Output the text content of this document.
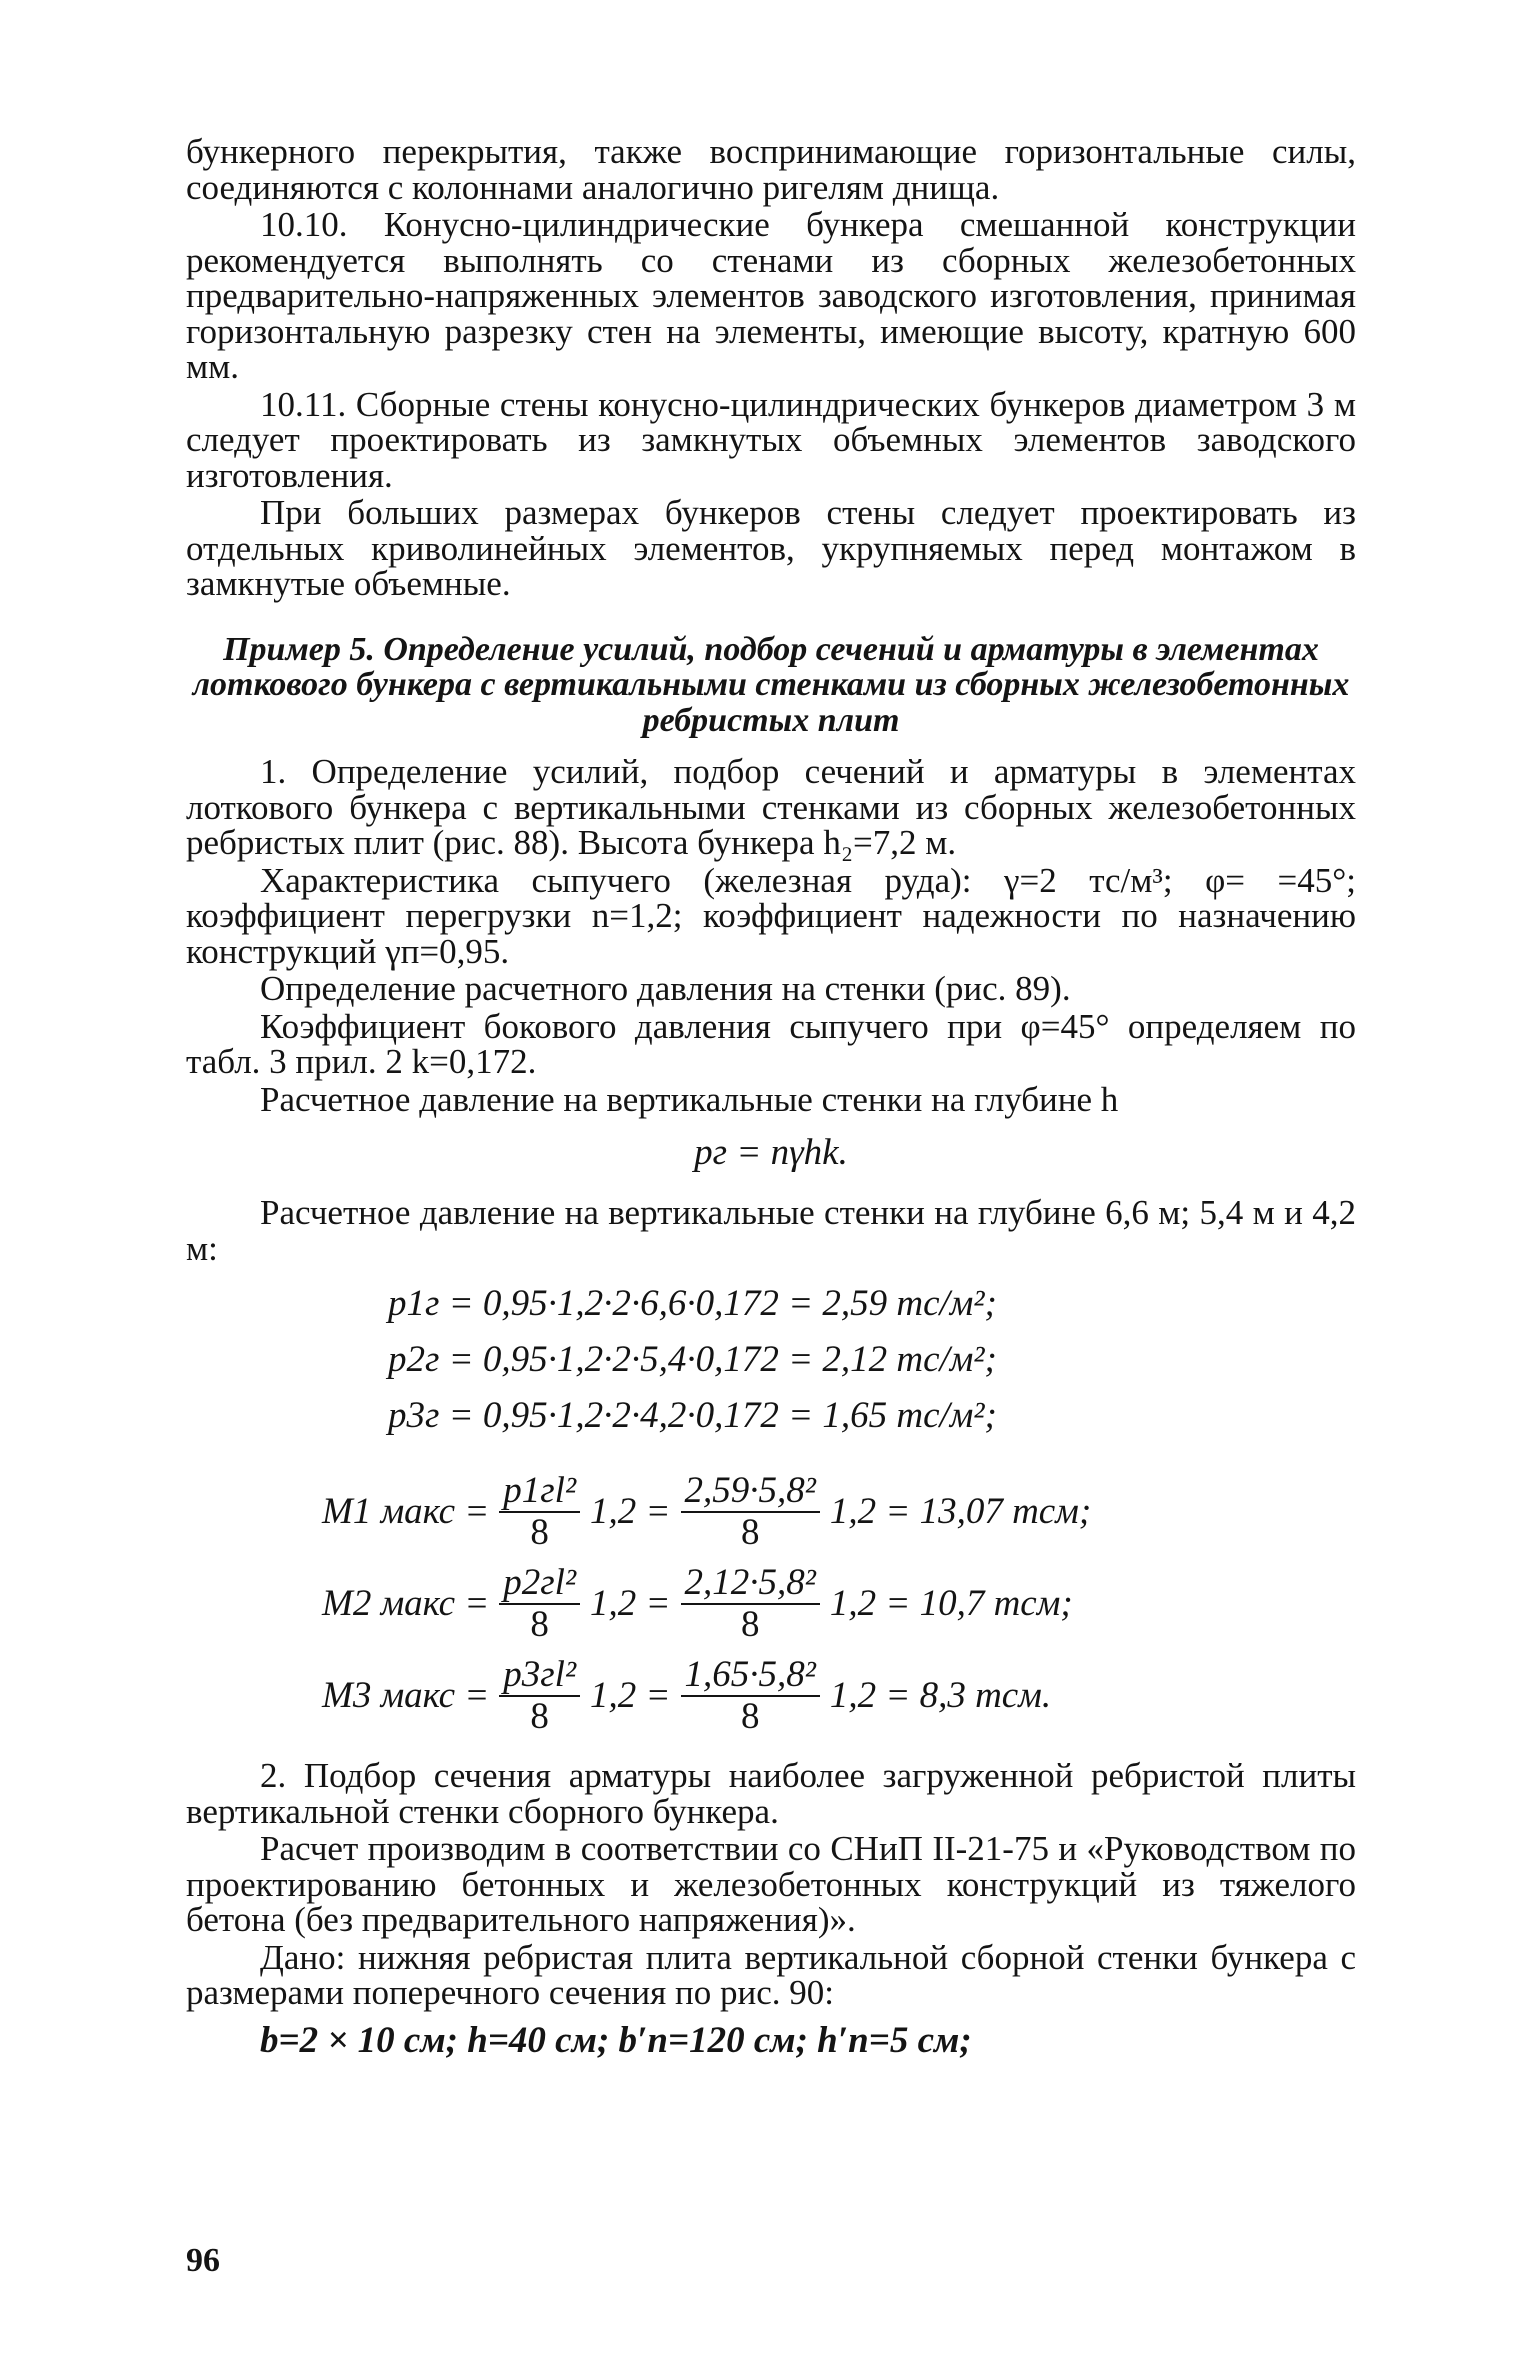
бункерного перекрытия, также воспринимающие горизонтальные силы, соединяются с колоннами аналогично ригелям днища.

10.10. Конусно-цилиндрические бункера смешанной конструкции рекомендуется выполнять со стенами из сборных железобетонных предварительно-напряженных элементов заводского изготовления, принимая горизонтальную разрезку стен на элементы, имеющие высоту, кратную 600 мм.

10.11. Сборные стены конусно-цилиндрических бункеров диаметром 3 м следует проектировать из замкнутых объемных элементов заводского изготовления.

При больших размерах бункеров стены следует проектировать из отдельных криволинейных элементов, укрупняемых перед монтажом в замкнутые объемные.

Пример 5. Определение усилий, подбор сечений и арматуры в элементах лоткового бункера с вертикальными стенками из сборных железобетонных ребристых плит

1. Определение усилий, подбор сечений и арматуры в элементах лоткового бункера с вертикальными стенками из сборных железобетонных ребристых плит (рис. 88). Высота бункера h₂=7,2 м.

Характеристика сыпучего (железная руда): γ=2 тс/м³; φ= =45°; коэффициент перегрузки n=1,2; коэффициент надежности по назначению конструкций γп=0,95.

Определение расчетного давления на стенки (рис. 89).

Коэффициент бокового давления сыпучего при φ=45° определяем по табл. 3 прил. 2 k=0,172.

Расчетное давление на вертикальные стенки на глубине h

pг = nγhk.

Расчетное давление на вертикальные стенки на глубине 6,6 м; 5,4 м и 4,2 м:

p1г = 0,95·1,2·2·6,6·0,172 = 2,59 тс/м²;
p2г = 0,95·1,2·2·5,4·0,172 = 2,12 тс/м²;
p3г = 0,95·1,2·2·4,2·0,172 = 1,65 тс/м²;
M1 макс = $\frac{\text{p1гl²}}{8} 1,2 = \frac{\text{2,59·5,8²}}{8} 1,2 = 13,07$ тсм;
M2 макс = $\frac{\text{p2гl²}}{8} 1,2 = \frac{\text{2,12·5,8²}}{8} 1,2 = 10,7$ тсм;
M3 макс = $\frac{\text{p3гl²}}{8} 1,2 = \frac{\text{1,65·5,8²}}{8} 1,2 = 8,3$ тсм.

2. Подбор сечения арматуры наиболее загруженной ребристой плиты вертикальной стенки сборного бункера.

Расчет производим в соответствии со СНиП II-21-75 и «Руководством по проектированию бетонных и железобетонных конструкций из тяжелого бетона (без предварительного напряжения)».

Дано: нижняя ребристая плита вертикальной сборной стенки бункера с размерами поперечного сечения по рис. 90:

b=2 × 10 см; h=40 см; b′п=120 см; h′п=5 см;
96
